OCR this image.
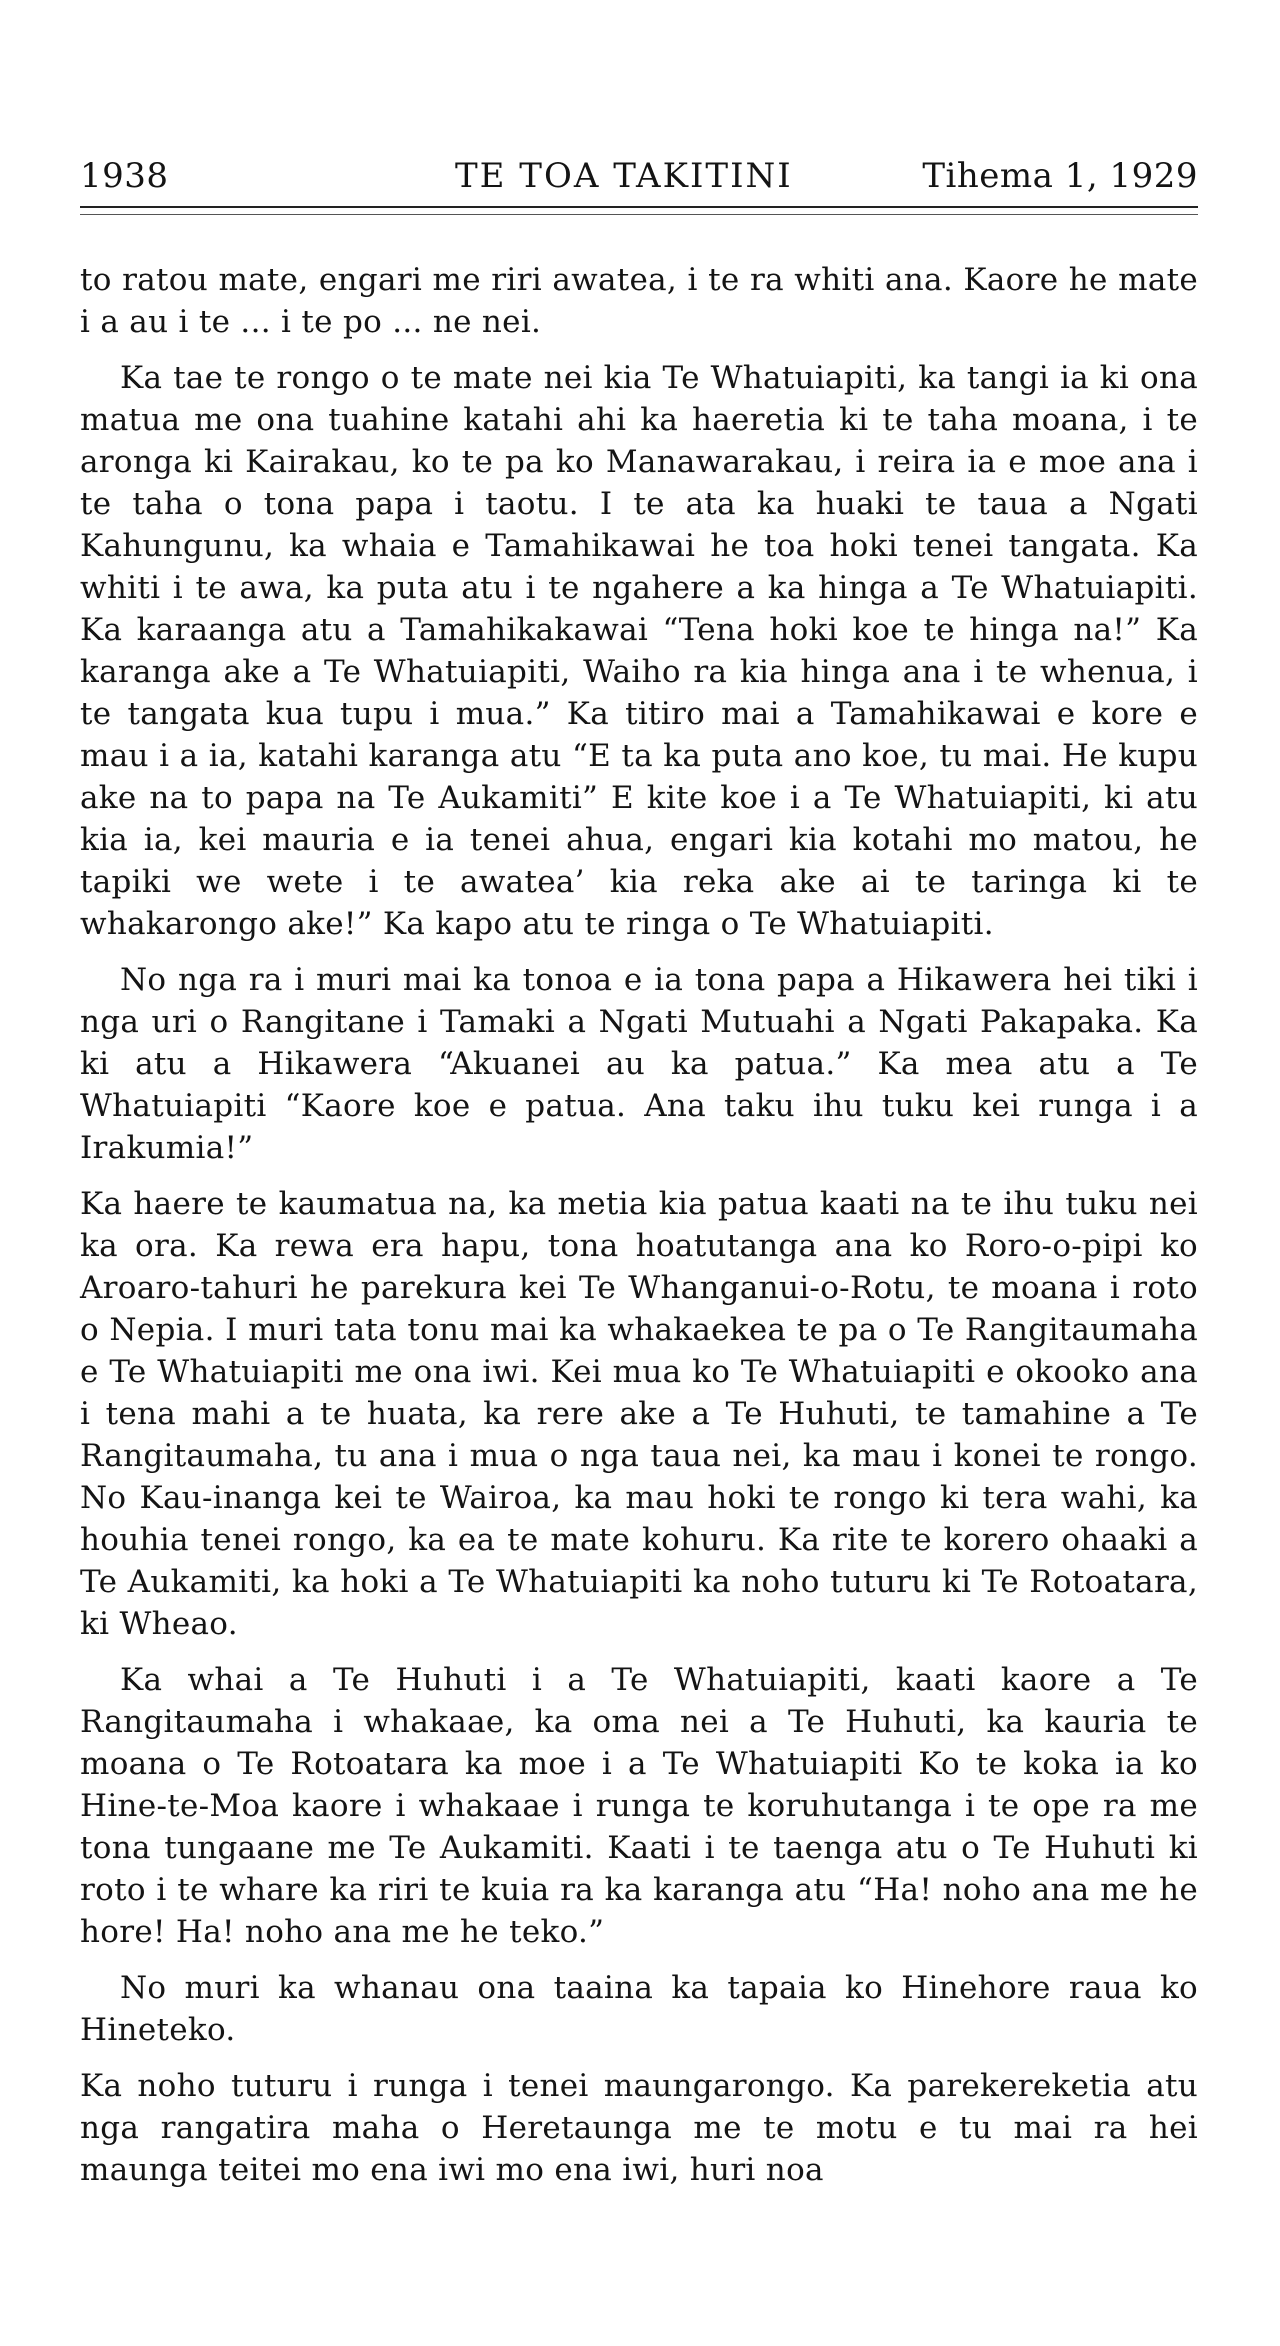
1938	TE TOA TAKITINI	Tihema 1, 1929

to ratou mate, engari me riri awatea, i te ra whiti ana. Kaore he mate i a au i te ... i te po ... ne nei.

Ka tae te rongo o te mate nei kia Te Whatuiapiti, ka tangi ia ki ona matua me ona tuahine katahi ahi ka haeretia ki te taha moana, i te aronga ki Kairakau, ko te pa ko Manawarakau, i reira ia e moe ana i te taha o tona papa i taotu. I te ata ka huaki te taua a Ngati Kahungunu, ka whaia e Tamahikawai he toa hoki tenei tangata. Ka whiti i te awa, ka puta atu i te ngahere a ka hinga a Te Whatuiapiti. Ka karaanga atu a Tamahikakawai “Tena hoki koe te hinga na!” Ka karanga ake a Te Whatuiapiti, Waiho ra kia hinga ana i te whenua, i te tangata kua tupu i mua.” Ka titiro mai a Tamahikawai e kore e mau i a ia, katahi karanga atu “E ta ka puta ano koe, tu mai. He kupu ake na to papa na Te Aukamiti” E kite koe i a Te Whatuiapiti, ki atu kia ia, kei mauria e ia tenei ahua, engari kia kotahi mo matou, he tapiki we wete i te awatea’ kia reka ake ai te taringa ki te whakarongo ake!” Ka kapo atu te ringa o Te Whatuiapiti.

No nga ra i muri mai ka tonoa e ia tona papa a Hikawera hei tiki i nga uri o Rangitane i Tamaki a Ngati Mutuahi a Ngati Pakapaka. Ka ki atu a Hikawera “Akuanei au ka patua.” Ka mea atu a Te Whatuiapiti “Kaore koe e patua. Ana taku ihu tuku kei runga i a Irakumia!”

Ka haere te kaumatua na, ka metia kia patua kaati na te ihu tuku nei ka ora. Ka rewa era hapu, tona hoatutanga ana ko Roro-o-pipi ko Aroaro-tahuri he parekura kei Te Whanganui-o-Rotu, te moana i roto o Nepia. I muri tata tonu mai ka whakaekea te pa o Te Rangitaumaha e Te Whatuiapiti me ona iwi. Kei mua ko Te Whatuiapiti e okooko ana i tena mahi a te huata, ka rere ake a Te Huhuti, te tamahine a Te Rangitaumaha, tu ana i mua o nga taua nei, ka mau i konei te rongo. No Kau-inanga kei te Wairoa, ka mau hoki te rongo ki tera wahi, ka houhia tenei rongo, ka ea te mate kohuru. Ka rite te korero ohaaki a Te Aukamiti, ka hoki a Te Whatuiapiti ka noho tuturu ki Te Rotoatara, ki Wheao.

Ka whai a Te Huhuti i a Te Whatuiapiti, kaati kaore a Te Rangitaumaha i whakaae, ka oma nei a Te Huhuti, ka kauria te moana o Te Rotoatara ka moe i a Te Whatuiapiti Ko te koka ia ko Hine-te-Moa kaore i whakaae i runga te koruhutanga i te ope ra me tona tungaane me Te Aukamiti. Kaati i te taenga atu o Te Huhuti ki roto i te whare ka riri te kuia ra ka karanga atu “Ha! noho ana me he hore! Ha! noho ana me he teko.”

No muri ka whanau ona taaina ka tapaia ko Hinehore raua ko Hineteko.

Ka noho tuturu i runga i tenei maungarongo. Ka parekereketia atu nga rangatira maha o Heretaunga me te motu e tu mai ra hei maunga teitei mo ena iwi mo ena iwi, huri noa
